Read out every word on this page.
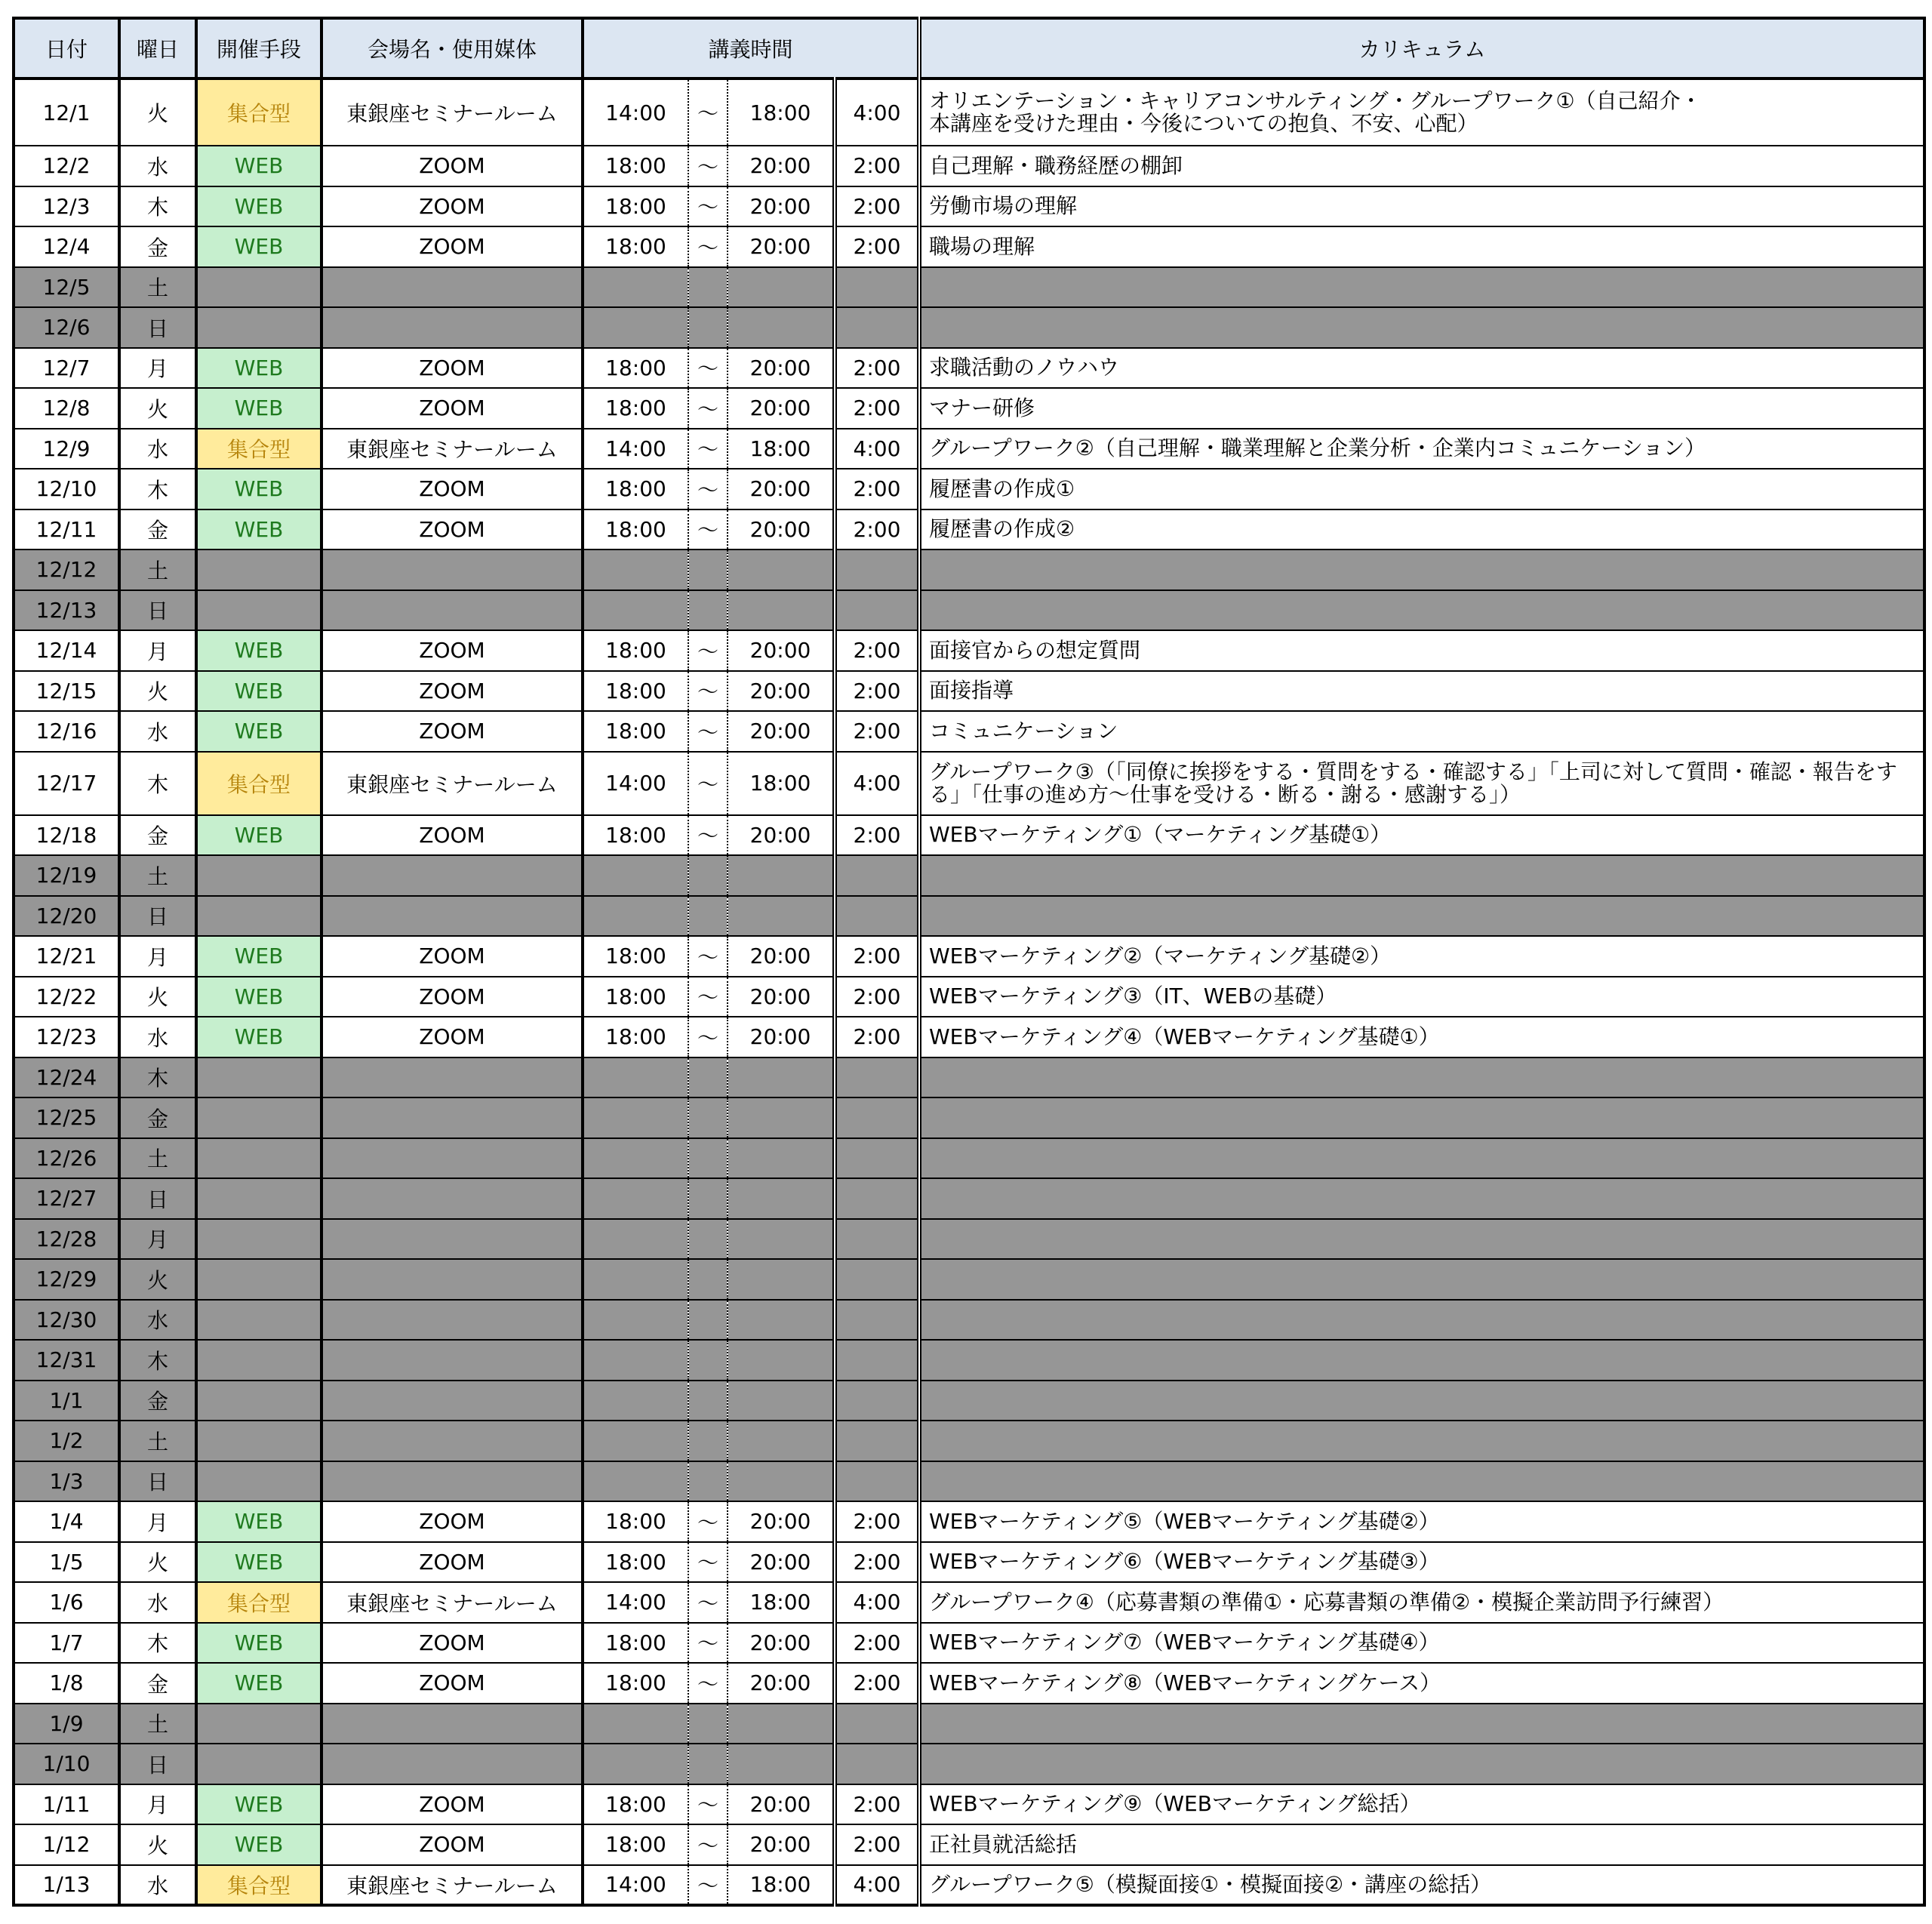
日付	曜日	開催手段	会場名・使用媒体	講義時間				カリキュラム
12/1	火	集合型	東銀座セミナールーム	14:00	〜	18:00	4:00	オリエンテーション・キャリアコンサルティング・グループワーク①（自己紹介・
本講座を受けた理由・今後についての抱負、不安、心配）
12/2	水	WEB	ZOOM	18:00	〜	20:00	2:00	自己理解・職務経歴の棚卸
12/3	木	WEB	ZOOM	18:00	〜	20:00	2:00	労働市場の理解
12/4	金	WEB	ZOOM	18:00	〜	20:00	2:00	職場の理解
12/5	土							
12/6	日							
12/7	月	WEB	ZOOM	18:00	〜	20:00	2:00	求職活動のノウハウ
12/8	火	WEB	ZOOM	18:00	〜	20:00	2:00	マナー研修
12/9	水	集合型	東銀座セミナールーム	14:00	〜	18:00	4:00	グループワーク②（自己理解・職業理解と企業分析・企業内コミュニケーション）
12/10	木	WEB	ZOOM	18:00	〜	20:00	2:00	履歴書の作成①
12/11	金	WEB	ZOOM	18:00	〜	20:00	2:00	履歴書の作成②
12/12	土							
12/13	日							
12/14	月	WEB	ZOOM	18:00	〜	20:00	2:00	面接官からの想定質問
12/15	火	WEB	ZOOM	18:00	〜	20:00	2:00	面接指導
12/16	水	WEB	ZOOM	18:00	〜	20:00	2:00	コミュニケーション
12/17	木	集合型	東銀座セミナールーム	14:00	〜	18:00	4:00	グループワーク③（「同僚に挨拶をする・質問をする・確認する」「上司に対して質問・確認・報告をす
る」「仕事の進め方〜仕事を受ける・断る・謝る・感謝する」）
12/18	金	WEB	ZOOM	18:00	〜	20:00	2:00	WEBマーケティング①（マーケティング基礎①）
12/19	土							
12/20	日							
12/21	月	WEB	ZOOM	18:00	〜	20:00	2:00	WEBマーケティング②（マーケティング基礎②）
12/22	火	WEB	ZOOM	18:00	〜	20:00	2:00	WEBマーケティング③（IT、WEBの基礎）
12/23	水	WEB	ZOOM	18:00	〜	20:00	2:00	WEBマーケティング④（WEBマーケティング基礎①）
12/24	木							
12/25	金							
12/26	土							
12/27	日							
12/28	月							
12/29	火							
12/30	水							
12/31	木							
1/1	金							
1/2	土							
1/3	日							
1/4	月	WEB	ZOOM	18:00	〜	20:00	2:00	WEBマーケティング⑤（WEBマーケティング基礎②）
1/5	火	WEB	ZOOM	18:00	〜	20:00	2:00	WEBマーケティング⑥（WEBマーケティング基礎③）
1/6	水	集合型	東銀座セミナールーム	14:00	〜	18:00	4:00	グループワーク④（応募書類の準備①・応募書類の準備②・模擬企業訪問予行練習）
1/7	木	WEB	ZOOM	18:00	〜	20:00	2:00	WEBマーケティング⑦（WEBマーケティング基礎④）
1/8	金	WEB	ZOOM	18:00	〜	20:00	2:00	WEBマーケティング⑧（WEBマーケティングケース）
1/9	土							
1/10	日							
1/11	月	WEB	ZOOM	18:00	〜	20:00	2:00	WEBマーケティング⑨（WEBマーケティング総括）
1/12	火	WEB	ZOOM	18:00	〜	20:00	2:00	正社員就活総括
1/13	水	集合型	東銀座セミナールーム	14:00	〜	18:00	4:00	グループワーク⑤（模擬面接①・模擬面接②・講座の総括）
